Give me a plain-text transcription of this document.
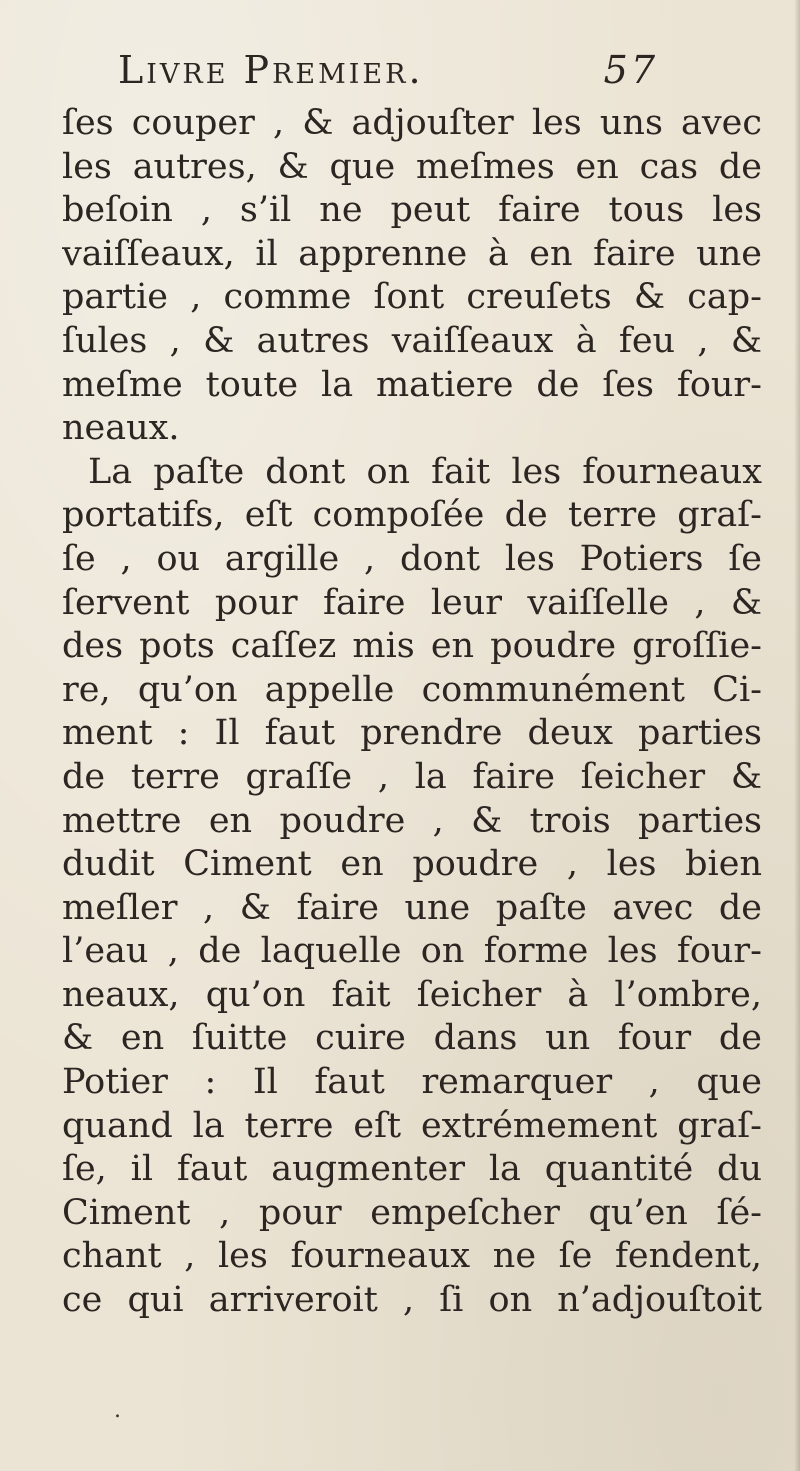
Livre Premier.	57
ſes couper , & adjouſter les uns avec
les autres, & que meſmes en cas de
beſoin , s’il ne peut faire tous les
vaiſſeaux, il apprenne à en faire une
partie , comme ſont creuſets & cap-
ſules , & autres vaiſſeaux à feu , &
meſme toute la matiere de ſes four-
neaux.
La paſte dont on fait les fourneaux
portatifs, eſt compoſée de terre graſ-
ſe , ou argille , dont les Potiers ſe
ſervent pour faire leur vaiſſelle , &
des pots caſſez mis en poudre groſſie-
re, qu’on appelle communément Ci-
ment : Il faut prendre deux parties
de terre graſſe , la faire ſeicher &
mettre en poudre , & trois parties
dudit Ciment en poudre , les bien
meſler , & faire une paſte avec de
l’eau , de laquelle on forme les four-
neaux, qu’on fait ſeicher à l’ombre,
& en ſuitte cuire dans un four de
Potier : Il faut remarquer , que
quand la terre eſt extrémement graſ-
ſe, il faut augmenter la quantité du
Ciment , pour empeſcher qu’en ſé-
chant , les fourneaux ne ſe fendent,
ce qui arriveroit , ſi on n’adjouſtoit
.
